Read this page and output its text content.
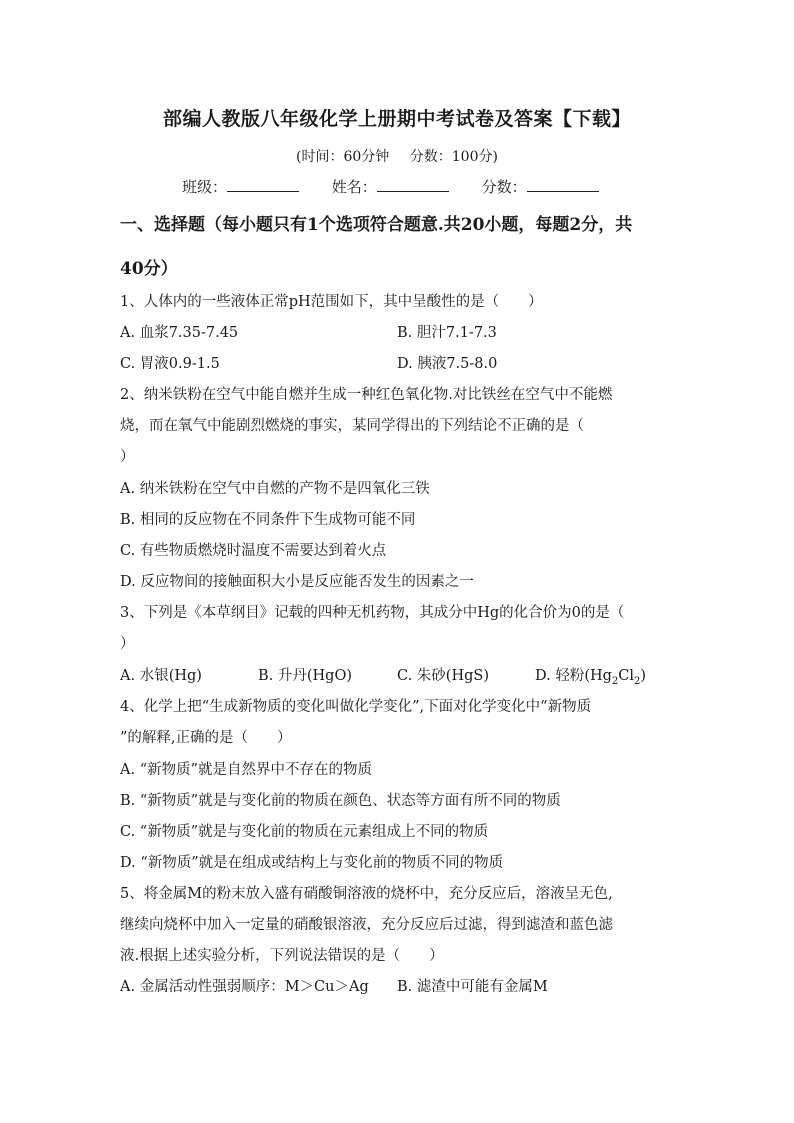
部编人教版八年级化学上册期中考试卷及答案【下载】
(时间：60分钟 分数：100分)
班级：	姓名：	分数：
一、选择题（每小题只有1个选项符合题意.共20小题，每题2分，共
40分）
1、人体内的一些液体正常pH范围如下，其中呈酸性的是（　　）
A. 血浆7.35-7.45	B. 胆汁7.1-7.3
C. 胃液0.9-1.5	D. 胰液7.5-8.0
2、纳米铁粉在空气中能自燃并生成一种红色氧化物.对比铁丝在空气中不能燃
烧，而在氧气中能剧烈燃烧的事实，某同学得出的下列结论不正确的是（
）
A. 纳米铁粉在空气中自燃的产物不是四氧化三铁
B. 相同的反应物在不同条件下生成物可能不同
C. 有些物质燃烧时温度不需要达到着火点
D. 反应物间的接触面积大小是反应能否发生的因素之一
3、下列是《本草纲目》记载的四种无机药物，其成分中Hg的化合价为0的是（
）
A. 水银(Hg)	B. 升丹(HgO)	C. 朱砂(HgS)	D. 轻粉$(Hg_2Cl_2)$
4、化学上把“生成新物质的变化叫做化学变化”,下面对化学变化中“新物质
”的解释,正确的是（　　）
A. “新物质”就是自然界中不存在的物质
B. “新物质”就是与变化前的物质在颜色、状态等方面有所不同的物质
C. “新物质”就是与变化前的物质在元素组成上不同的物质
D. “新物质”就是在组成或结构上与变化前的物质不同的物质
5、将金属M的粉末放入盛有硝酸铜溶液的烧杯中，充分反应后，溶液呈无色,
继续向烧杯中加入一定量的硝酸银溶液，充分反应后过滤，得到滤渣和蓝色滤
液.根据上述实验分析，下列说法错误的是（　　）
A. 金属活动性强弱顺序：M＞Cu＞Ag B. 滤渣中可能有金属M
